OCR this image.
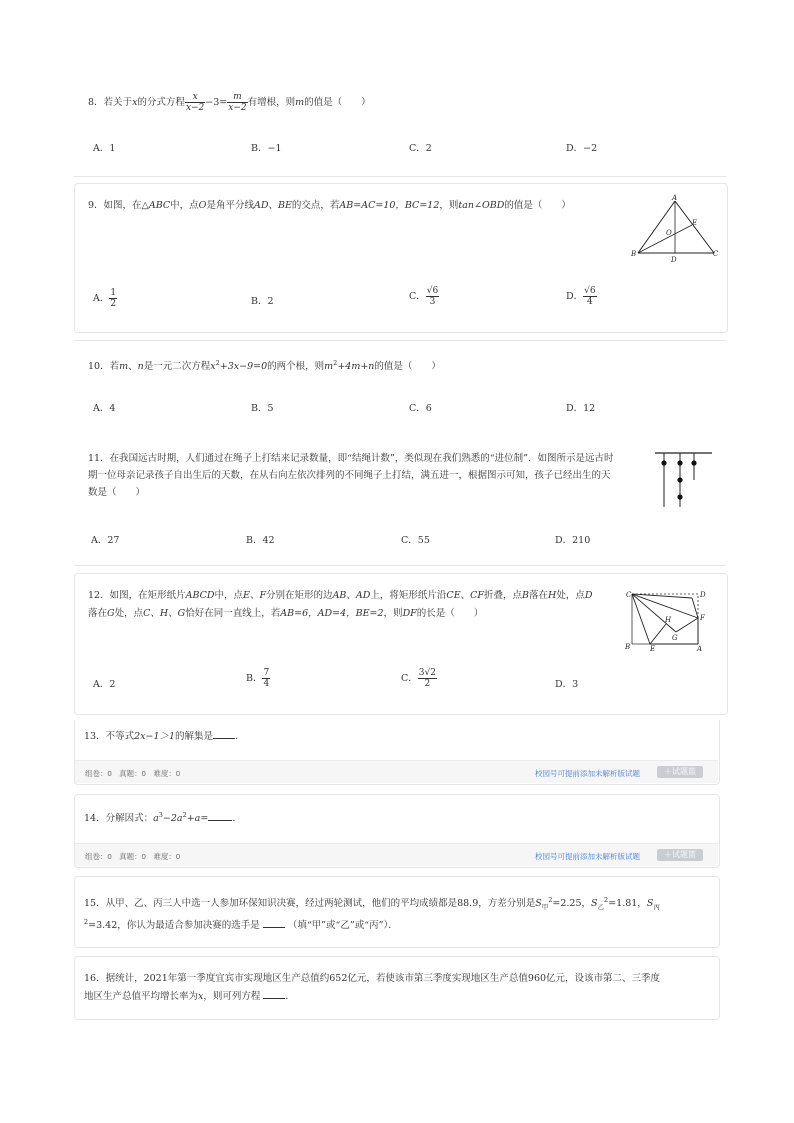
8．若关于x的分式方程 $\frac{x}{x-2} -3= \frac{m}{x-2}$ 有增根，则m的值是（　　）
A．1	B．−1	C．2	D．−2
9．如图，在△ABC中，点O是角平分线AD、BE的交点，若AB=AC=10，BC=12，则tan∠OBD的值是（　　）
A
B	C
D
E
O
A． $\frac{1}{2}$	B．2	C． $\frac{√6}{3}$	D． $\frac{√6}{4}$
10．若m、n是一元二次方程$x^2+3x-9=0$的两个根，则$m^2+4m+n$的值是（　　）
A．4	B．5	C．6	D．12
11．在我国远古时期，人们通过在绳子上打结来记录数量，即“结绳计数”，类似现在我们熟悉的“进位制”．如图所示是远古时
期一位母亲记录孩子自出生后的天数，在从右向左依次排列的不同绳子上打结，满五进一，根据图示可知，孩子已经出生的天
数是（　　）
A．27	B．42	C．55	D．210
12．如图，在矩形纸片ABCD中，点E、F分别在矩形的边AB、AD上，将矩形纸片沿CE、CF折叠，点B落在H处，点D
落在G处，点C、H、G恰好在同一直线上，若AB=6，AD=4，BE=2，则DF的长是（　　）
C	D
F
B	E	A
H
G
A．2
B． $\frac{7}{4}$	C． $\frac{3√2}{2}$	D．3
13．不等式2x−1＞1的解集是 ．
组卷：0　真题：0　难度：0	校园号可提前添加未解析版试题	＋试题篮
14．分解因式：$a^3-2a^2+a=$	．
组卷：0　真题：0　难度：0	校园号可提前添加未解析版试题	＋试题篮
15．从甲、乙、丙三人中选一人参加环保知识决赛，经过两轮测试，他们的平均成绩都是88.9，方差分别是$S_甲^2=2.25$，$S_乙^2=1.81$，$S_丙$
$^2$=3.42，你认为最适合参加决赛的选手是	（填“甲”或“乙”或“丙”）．
16．据统计，2021年第一季度宜宾市实现地区生产总值约652亿元，若使该市第三季度实现地区生产总值960亿元，设该市第二、三季度
地区生产总值平均增长率为x，则可列方程	．
